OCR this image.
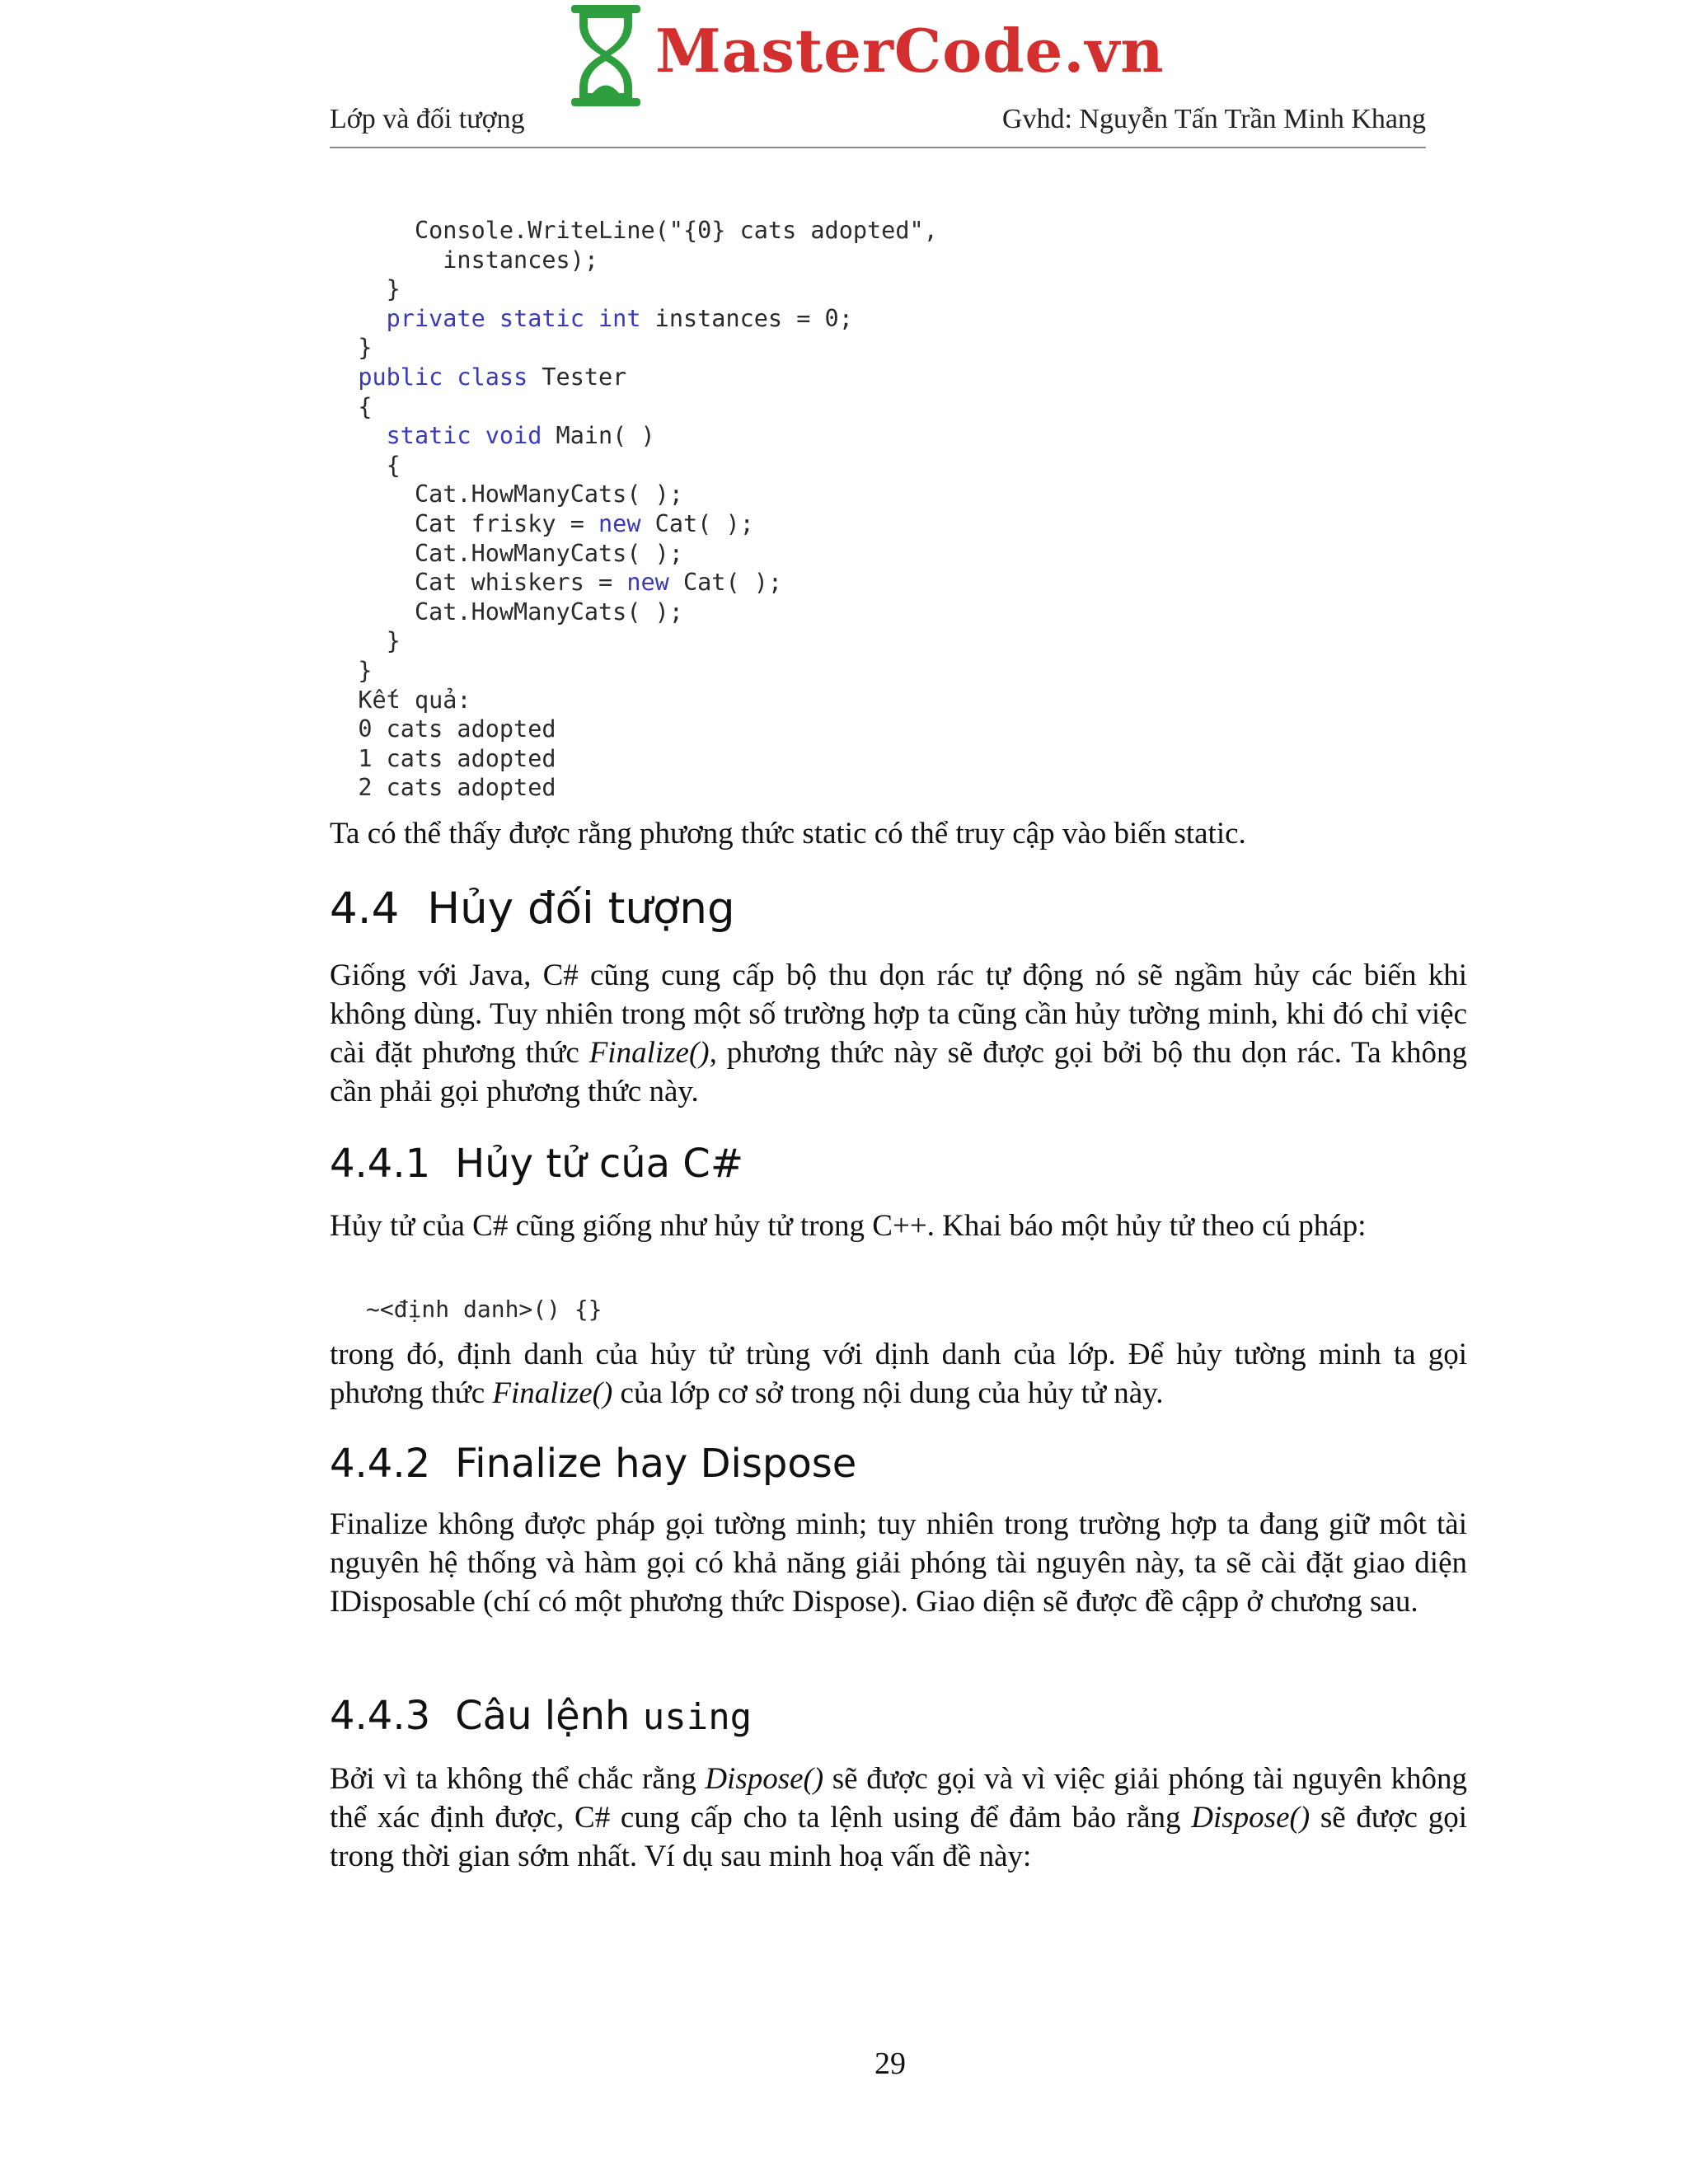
MasterCode.vn
Lớp và đối tượng	Gvhd: Nguyễn Tấn Trần Minh Khang
Console.WriteLine("{0} cats adopted",
instances);
}
private static int instances = 0;
}
public class Tester
{
static void Main( )
{
Cat.HowManyCats( );
Cat frisky = new Cat( );
Cat.HowManyCats( );
Cat whiskers = new Cat( );
Cat.HowManyCats( );
}
}
Kết quả:
0 cats adopted
1 cats adopted
2 cats adopted

Ta có thể thấy được rằng phương thức static có thể truy cập vào biến static.

4.4 Hủy đối tượng

Giống với Java, C# cũng cung cấp bộ thu dọn rác tự động nó sẽ ngầm hủy các biến khi không dùng. Tuy nhiên trong một số trường hợp ta cũng cần hủy tường minh, khi đó chỉ việc cài đặt phương thức Finalize(), phương thức này sẽ được gọi bởi bộ thu dọn rác. Ta không cần phải gọi phương thức này.

4.4.1 Hủy tử của C#

Hủy tử của C# cũng giống như hủy tử trong C++. Khai báo một hủy tử theo cú pháp:

~<định danh>() {}

trong đó, định danh của hủy tử trùng với dịnh danh của lớp. Để hủy tường minh ta gọi phương thức Finalize() của lớp cơ sở trong nội dung của hủy tử này.

4.4.2 Finalize hay Dispose

Finalize không được pháp gọi tường minh; tuy nhiên trong trường hợp ta đang giữ môt tài nguyên hệ thống và hàm gọi có khả năng giải phóng tài nguyên này, ta sẽ cài đặt giao diện IDisposable (chí có một phương thức Dispose). Giao diện sẽ được đề cậpp ở chương sau.

4.4.3 Câu lệnh using

Bởi vì ta không thể chắc rằng Dispose() sẽ được gọi và vì việc giải phóng tài nguyên không thể xác định được, C# cung cấp cho ta lệnh using để đảm bảo rằng Dispose() sẽ được gọi trong thời gian sớm nhất. Ví dụ sau minh hoạ vấn đề này:

29
